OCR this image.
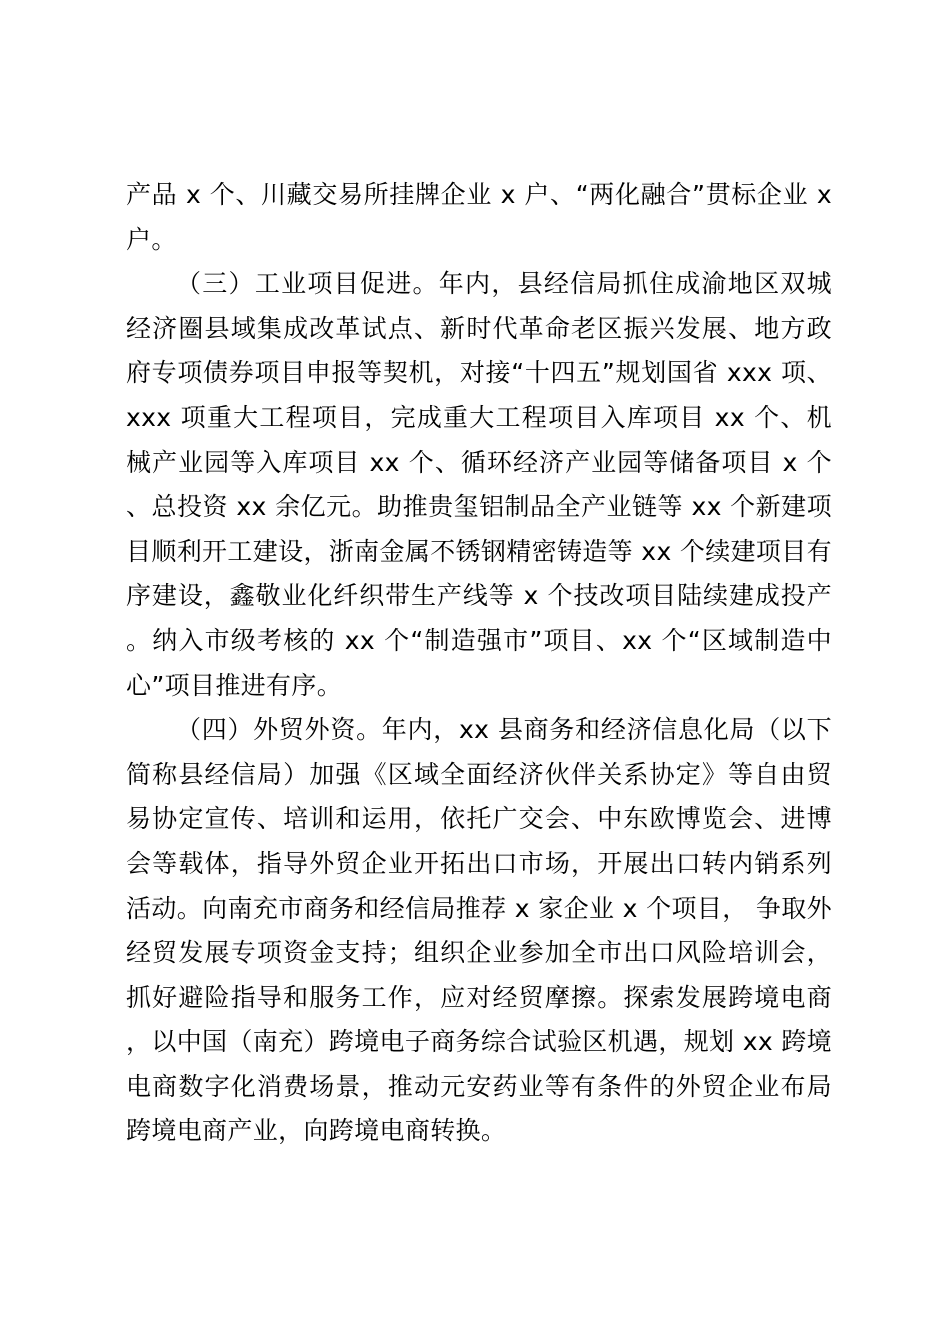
产品 x 个、川藏交易所挂牌企业 x 户、“两化融合”贯标企业 x 户。

（三）工业项目促进。年内，县经信局抓住成渝地区双城经济圈县域集成改革试点、新时代革命老区振兴发展、地方政府专项债券项目申报等契机，对接“十四五”规划国省 xxx 项、xxx 项重大工程项目，完成重大工程项目入库项目 xx 个、机械产业园等入库项目 xx 个、循环经济产业园等储备项目 x 个、总投资 xx 余亿元。助推贵玺铝制品全产业链等 xx 个新建项目顺利开工建设，浙南金属不锈钢精密铸造等 xx 个续建项目有序建设，鑫敬业化纤织带生产线等 x 个技改项目陆续建成投产。纳入市级考核的 xx 个“制造强市”项目、xx 个“区域制造中心”项目推进有序。

（四）外贸外资。年内，xx 县商务和经济信息化局（以下简称县经信局）加强《区域全面经济伙伴关系协定》等自由贸易协定宣传、培训和运用，依托广交会、中东欧博览会、进博会等载体，指导外贸企业开拓出口市场，开展出口转内销系列活动。向南充市商务和经信局推荐 x 家企业 x 个项目， 争取外经贸发展专项资金支持；组织企业参加全市出口风险培训会，抓好避险指导和服务工作，应对经贸摩擦。探索发展跨境电商，以中国（南充）跨境电子商务综合试验区机遇，规划 xx 跨境电商数字化消费场景，推动元安药业等有条件的外贸企业布局跨境电商产业，向跨境电商转换。
